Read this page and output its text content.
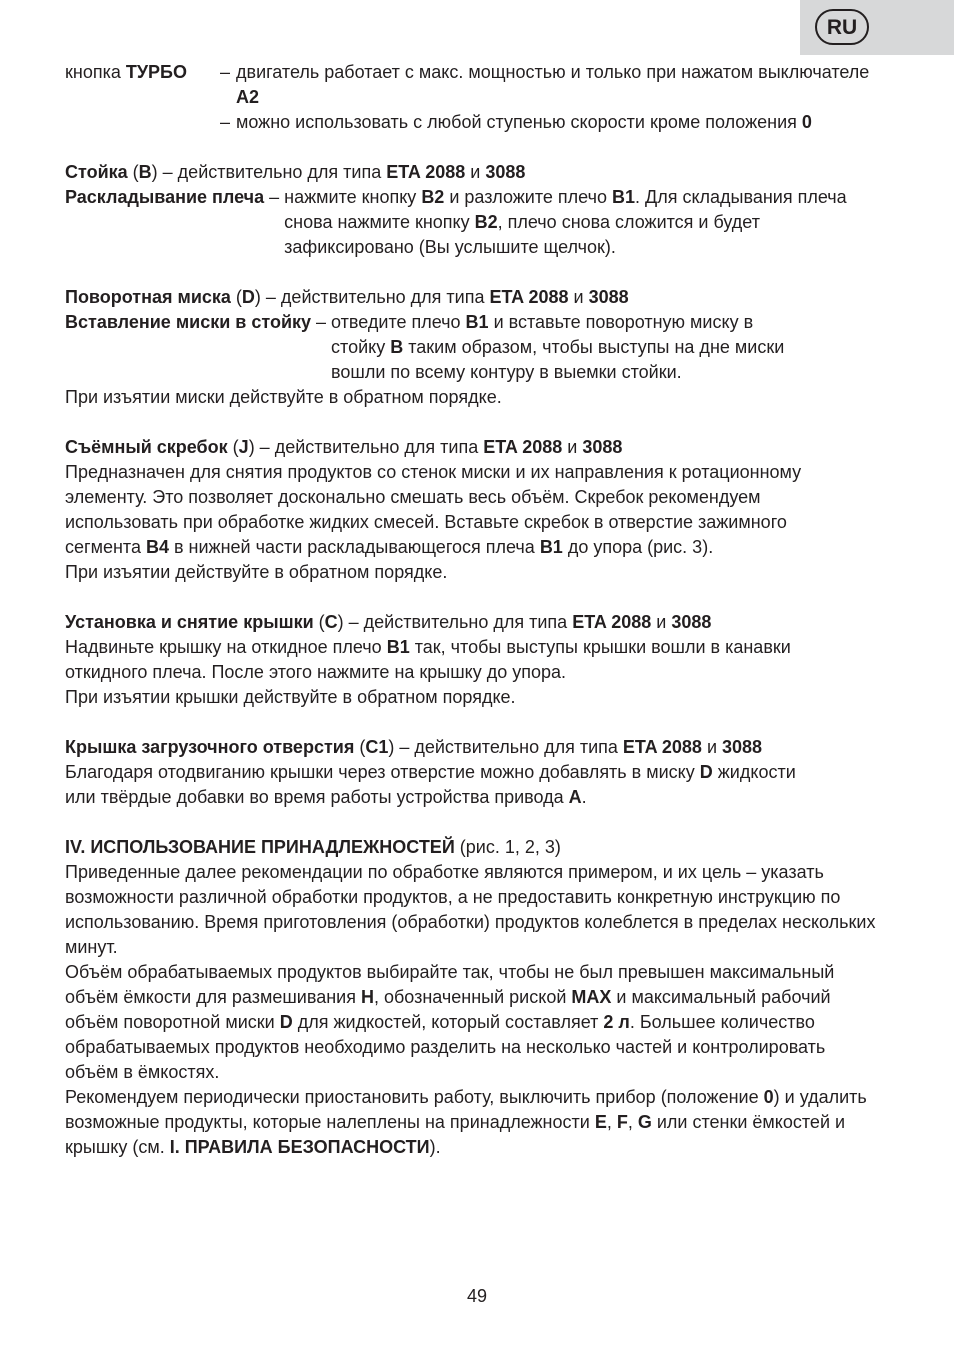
RU
кнопка ТУРБО	– двигатель работает с макс. мощностью и только при нажатом выключателе A2
– можно использовать с любой ступенью скорости кроме положения 0

Стойка (B) – действительно для типа ETA 2088 и 3088

Раскладывание плеча – нажмите кнопку B2 и разложите плечо B1. Для складывания плеча снова нажмите кнопку B2, плечо снова сложится и будет зафиксировано (Вы услышите щелчок).

Поворотная миска (D) – действительно для типа ETA 2088 и 3088

Вставление миски в стойку – отведите плечо B1 и вставьте поворотную миску в стойку B таким образом, чтобы выступы на дне миски вошли по всему контуру в выемки стойки.

При изъятии миски действуйте в обратном порядке.

Съёмный скребок (J) – действительно для типа ETA 2088 и 3088

Предназначен для снятия продуктов со стенок миски и их направления к ротационному элементу. Это позволяет досконально смешать весь объём. Скребок рекомендуем использовать при обработке жидких смесей. Вставьте скребок в отверстие зажимного сегмента B4 в нижней части раскладывающегося плеча B1 до упора (рис. 3).

При изъятии действуйте в обратном порядке.

Установка и снятие крышки (C) – действительно для типа ETA 2088 и 3088

Надвиньте крышку на откидное плечо B1 так, чтобы выступы крышки вошли в канавки откидного плеча. После этого нажмите на крышку до упора.

При изъятии крышки действуйте в обратном порядке.

Крышка загрузочного отверстия (C1) – действительно для типа ETA 2088 и 3088

Благодаря отодвиганию крышки через отверстие можно добавлять в миску D жидкости или твёрдые добавки во время работы устройства привода A.

IV. ИСПОЛЬЗОВАНИЕ ПРИНАДЛЕЖНОСТЕЙ (рис. 1, 2, 3)

Приведенные далее рекомендации по обработке являются примером, и их цель – указать возможности различной обработки продуктов, а не предоставить конкретную инструкцию по использованию. Время приготовления (обработки) продуктов колеблется в пределах нескольких минут.

Объём обрабатываемых продуктов выбирайте так, чтобы не был превышен максимальный объём ёмкости для размешивания H, обозначенный риской MAX и максимальный рабочий объём поворотной миски D для жидкостей, который составляет 2 л. Большее количество обрабатываемых продуктов необходимо разделить на несколько частей и контролировать объём в ёмкостях.

Рекомендуем периодически приостановить работу, выключить прибор (положение 0) и удалить возможные продукты, которые налеплены на принадлежности E, F, G или стенки ёмкостей и крышку (см. I. ПРАВИЛА БЕЗОПАСНОСТИ).

49
